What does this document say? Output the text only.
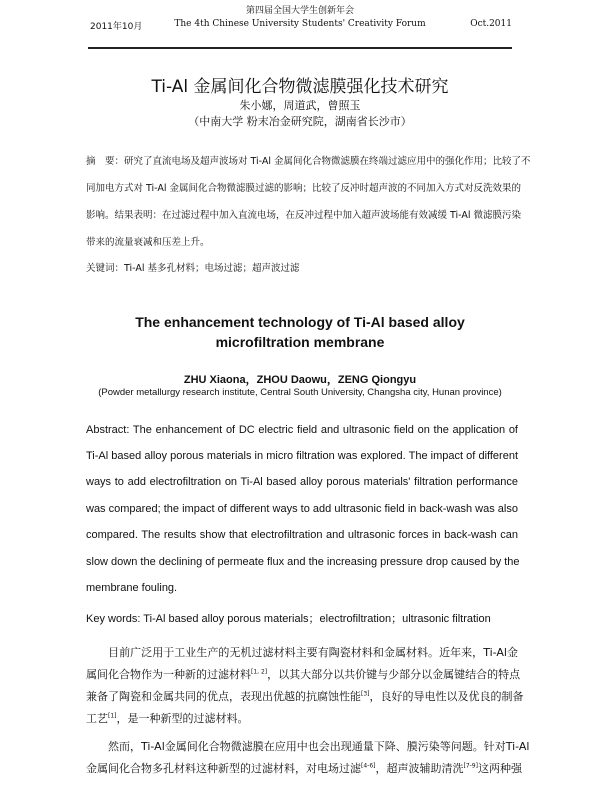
第四届全国大学生创新年会
2011年10月	The 4th Chinese University Students' Creativity Forum	Oct.2011
Ti-Al 金属间化合物微滤膜强化技术研究
朱小娜，周道武，曾照玉
（中南大学 粉末冶金研究院，湖南省长沙市）
摘　要：研究了直流电场及超声波场对 Ti-Al 金属间化合物微滤膜在终端过滤应用中的强化作用；比较了不
同加电方式对 Ti-Al 金属间化合物微滤膜过滤的影响；比较了反冲时超声波的不同加入方式对反洗效果的
影响。结果表明：在过滤过程中加入直流电场，在反冲过程中加入超声波场能有效减缓 Ti-Al 微滤膜污染
带来的流量衰减和压差上升。
关键词：Ti-Al 基多孔材料；电场过滤；超声波过滤
The enhancement technology of Ti-Al based alloy
microfiltration membrane
ZHU Xiaona，ZHOU Daowu，ZENG Qiongyu
(Powder metallurgy research institute, Central South University, Changsha city, Hunan province)
Abstract: The enhancement of DC electric field and ultrasonic field on the application of
Ti-Al based alloy porous materials in micro filtration was explored. The impact of different
ways to add electrofiltration on Ti-Al based alloy porous materials' filtration performance
was compared; the impact of different ways to add ultrasonic field in back-wash was also
compared. The results show that electrofiltration and ultrasonic forces in back-wash can
slow down the declining of permeate flux and the increasing pressure drop caused by the
membrane fouling.
Key words: Ti-Al based alloy porous materials；electrofiltration；ultrasonic filtration
　　目前广泛用于工业生产的无机过滤材料主要有陶瓷材料和金属材料。近年来，Ti-Al金
属间化合物作为一种新的过滤材料[1, 2]，以其大部分以共价键与少部分以金属键结合的特点
兼备了陶瓷和金属共同的优点，表现出优越的抗腐蚀性能[3]，良好的导电性以及优良的制备
工艺[1]，是一种新型的过滤材料。
　　然而，Ti-Al金属间化合物微滤膜在应用中也会出现通量下降、膜污染等问题。针对Ti-Al
金属间化合物多孔材料这种新型的过滤材料，对电场过滤[4-6]，超声波辅助清洗[7-9]这两种强
